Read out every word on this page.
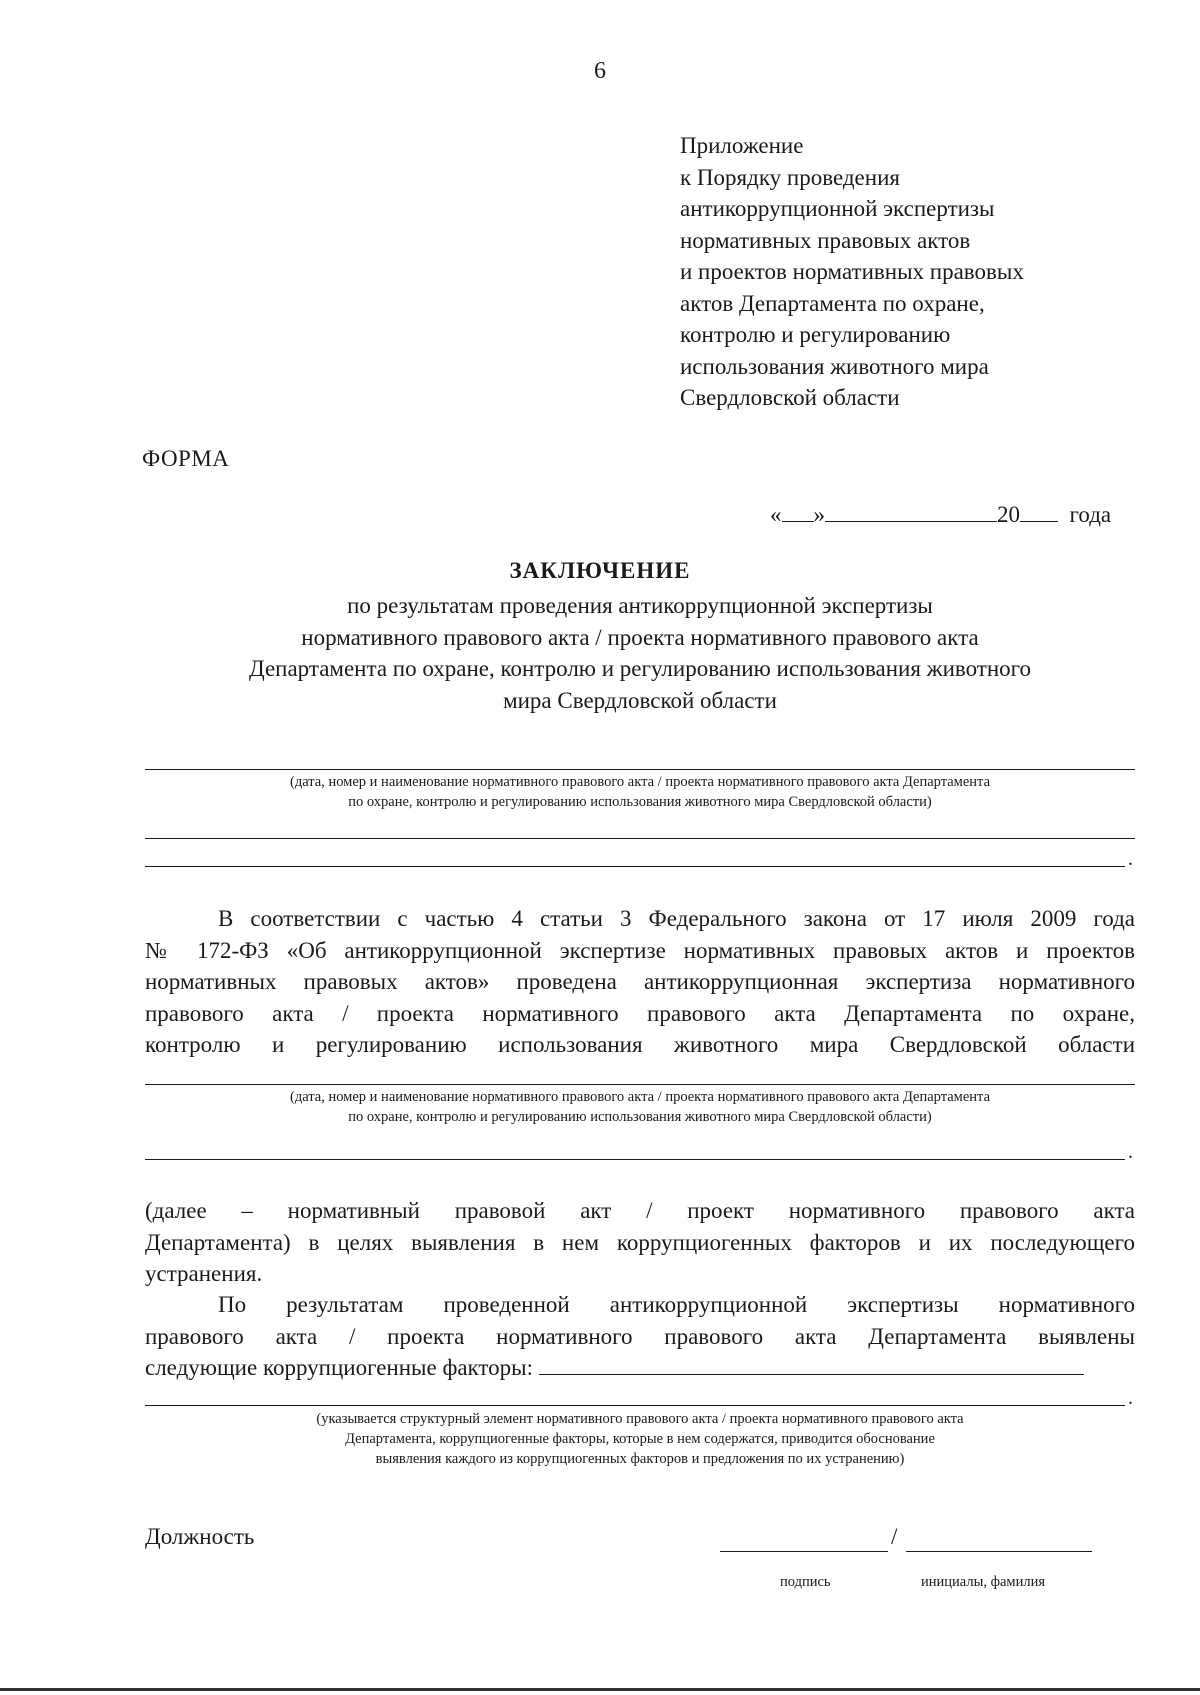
6
Приложение
к Порядку проведения
антикоррупционной экспертизы
нормативных правовых актов
и проектов нормативных правовых
актов Департамента по охране,
контролю и регулированию
использования животного мира
Свердловской области
ФОРМА
« »	20 года
ЗАКЛЮЧЕНИЕ
по результатам проведения антикоррупционной экспертизы
нормативного правового акта / проекта нормативного правового акта
Департамента по охране, контролю и регулированию использования животного
мира Свердловской области
(дата, номер и наименование нормативного правового акта / проекта нормативного правового акта Департамента
по охране, контролю и регулированию использования животного мира Свердловской области)
.
В соответствии с частью 4 статьи 3 Федерального закона от 17 июля 2009 года
№ 172-ФЗ «Об антикоррупционной экспертизе нормативных правовых актов и проектов
нормативных правовых актов» проведена антикоррупционная экспертиза нормативного
правового акта / проекта нормативного правового акта Департамента по охране,
контролю и регулированию использования животного мира Свердловской области
(дата, номер и наименование нормативного правового акта / проекта нормативного правового акта Департамента
по охране, контролю и регулированию использования животного мира Свердловской области)
.
(далее – нормативный правовой акт / проект нормативного правового акта
Департамента) в целях выявления в нем коррупциогенных факторов и их последующего
устранения.
По результатам проведенной антикоррупционной экспертизы нормативного
правового акта / проекта нормативного правового акта Департамента выявлены
следующие коррупциогенные факторы:
.
(указывается структурный элемент нормативного правового акта / проекта нормативного правового акта
Департамента, коррупциогенные факторы, которые в нем содержатся, приводится обоснование
выявления каждого из коррупциогенных факторов и предложения по их устранению)
Должность	/
подпись	инициалы, фамилия
